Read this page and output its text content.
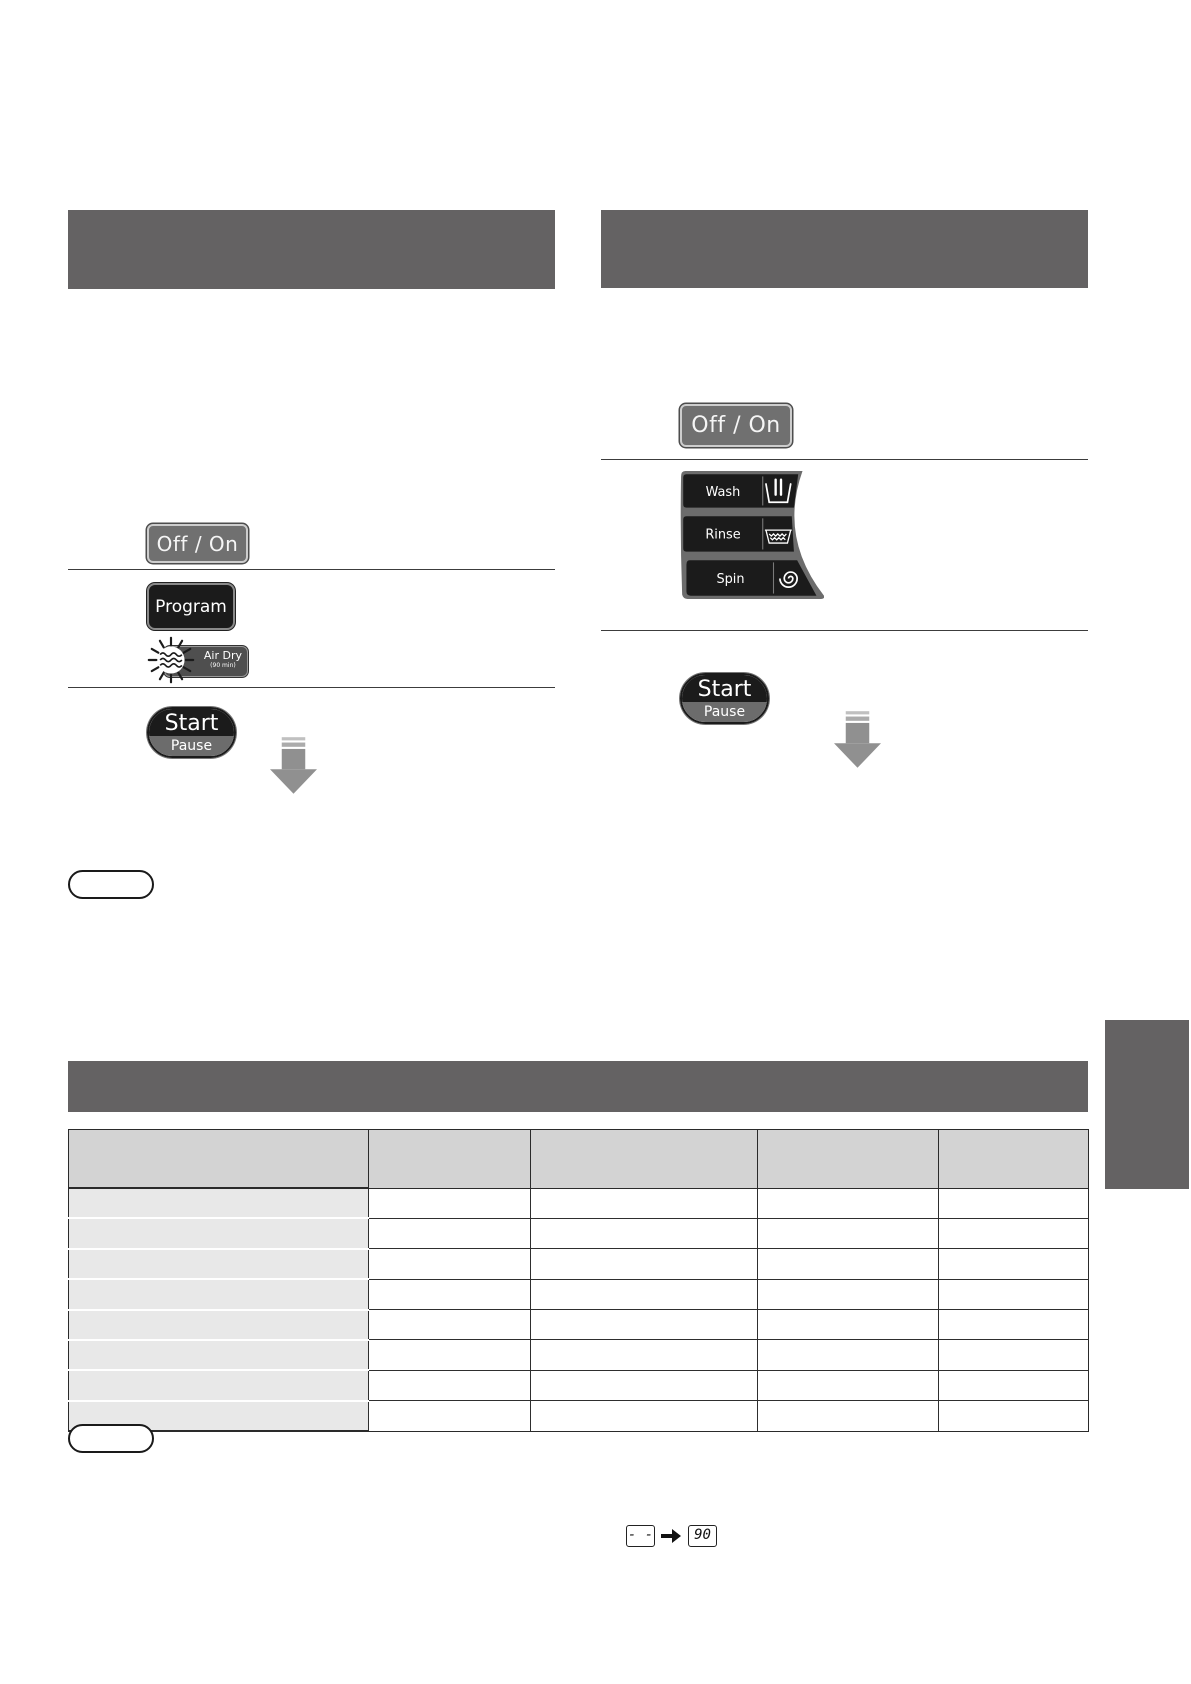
Off / On
Program
Air Dry
(90 min)
Start
Pause
Off / On
Wash
Rinse
Spin
Start
Pause

- -	90
